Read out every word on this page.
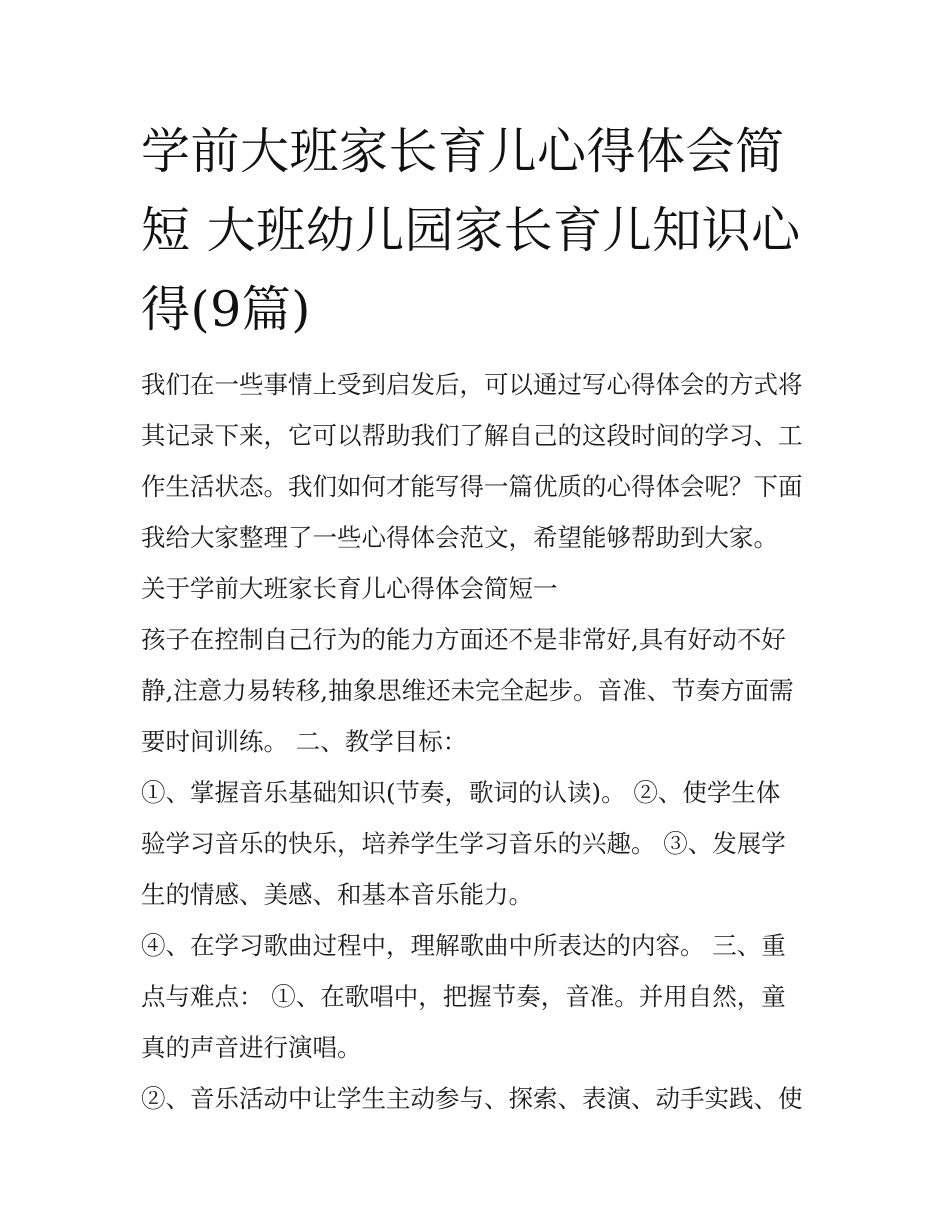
学前大班家长育儿心得体会简
短 大班幼儿园家长育儿知识心
得(9篇)
我们在一些事情上受到启发后，可以通过写心得体会的方式将
其记录下来，它可以帮助我们了解自己的这段时间的学习、工
作生活状态。我们如何才能写得一篇优质的心得体会呢？下面
我给大家整理了一些心得体会范文，希望能够帮助到大家。
关于学前大班家长育儿心得体会简短一
孩子在控制自己行为的能力方面还不是非常好,具有好动不好
静,注意力易转移,抽象思维还未完全起步。音准、节奏方面需
要时间训练。 二、教学目标：
①、掌握音乐基础知识(节奏，歌词的认读)。 ②、使学生体
验学习音乐的快乐，培养学生学习音乐的兴趣。 ③、发展学
生的情感、美感、和基本音乐能力。
④、在学习歌曲过程中，理解歌曲中所表达的内容。 三、重
点与难点： ①、在歌唱中，把握节奏，音准。并用自然，童
真的声音进行演唱。
②、音乐活动中让学生主动参与、探索、表演、动手实践、使
